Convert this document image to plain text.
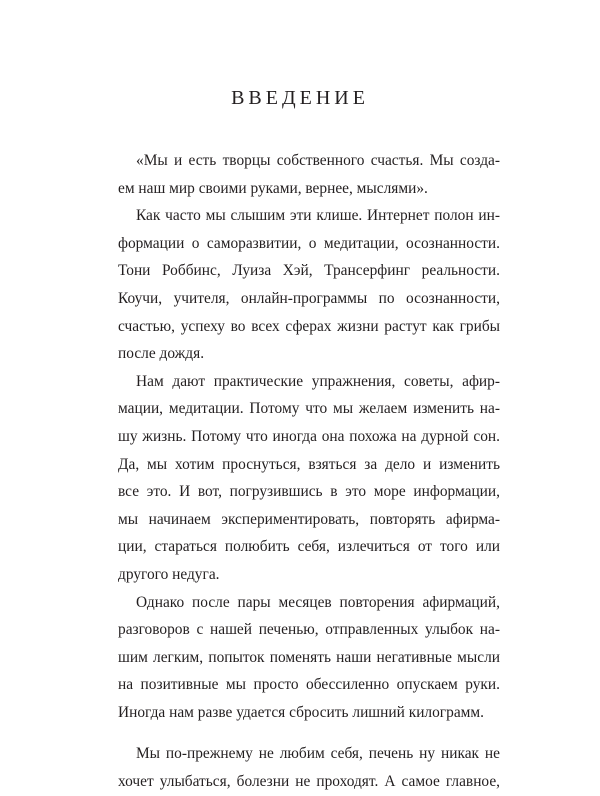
ВВЕДЕНИЕ
«Мы и есть творцы собственного счастья. Мы созда-
ем наш мир своими руками, вернее, мыслями».
Как часто мы слышим эти клише. Интернет полон ин-
формации о саморазвитии, о медитации, осознанности.
Тони Роббинс, Луиза Хэй, Трансерфинг реальности.
Коучи, учителя, онлайн-программы по осознанности,
счастью, успеху во всех сферах жизни растут как грибы
после дождя.
Нам дают практические упражнения, советы, афир-
мации, медитации. Потому что мы желаем изменить на-
шу жизнь. Потому что иногда она похожа на дурной сон.
Да, мы хотим проснуться, взяться за дело и изменить
все это. И вот, погрузившись в это море информации,
мы начинаем экспериментировать, повторять афирма-
ции, стараться полюбить себя, излечиться от того или
другого недуга.
Однако после пары месяцев повторения афирмаций,
разговоров с нашей печенью, отправленных улыбок на-
шим легким, попыток поменять наши негативные мысли
на позитивные мы просто обессиленно опускаем руки.
Иногда нам разве удается сбросить лишний килограмм.
Мы по-прежнему не любим себя, печень ну никак не
хочет улыбаться, болезни не проходят. А самое главное,
